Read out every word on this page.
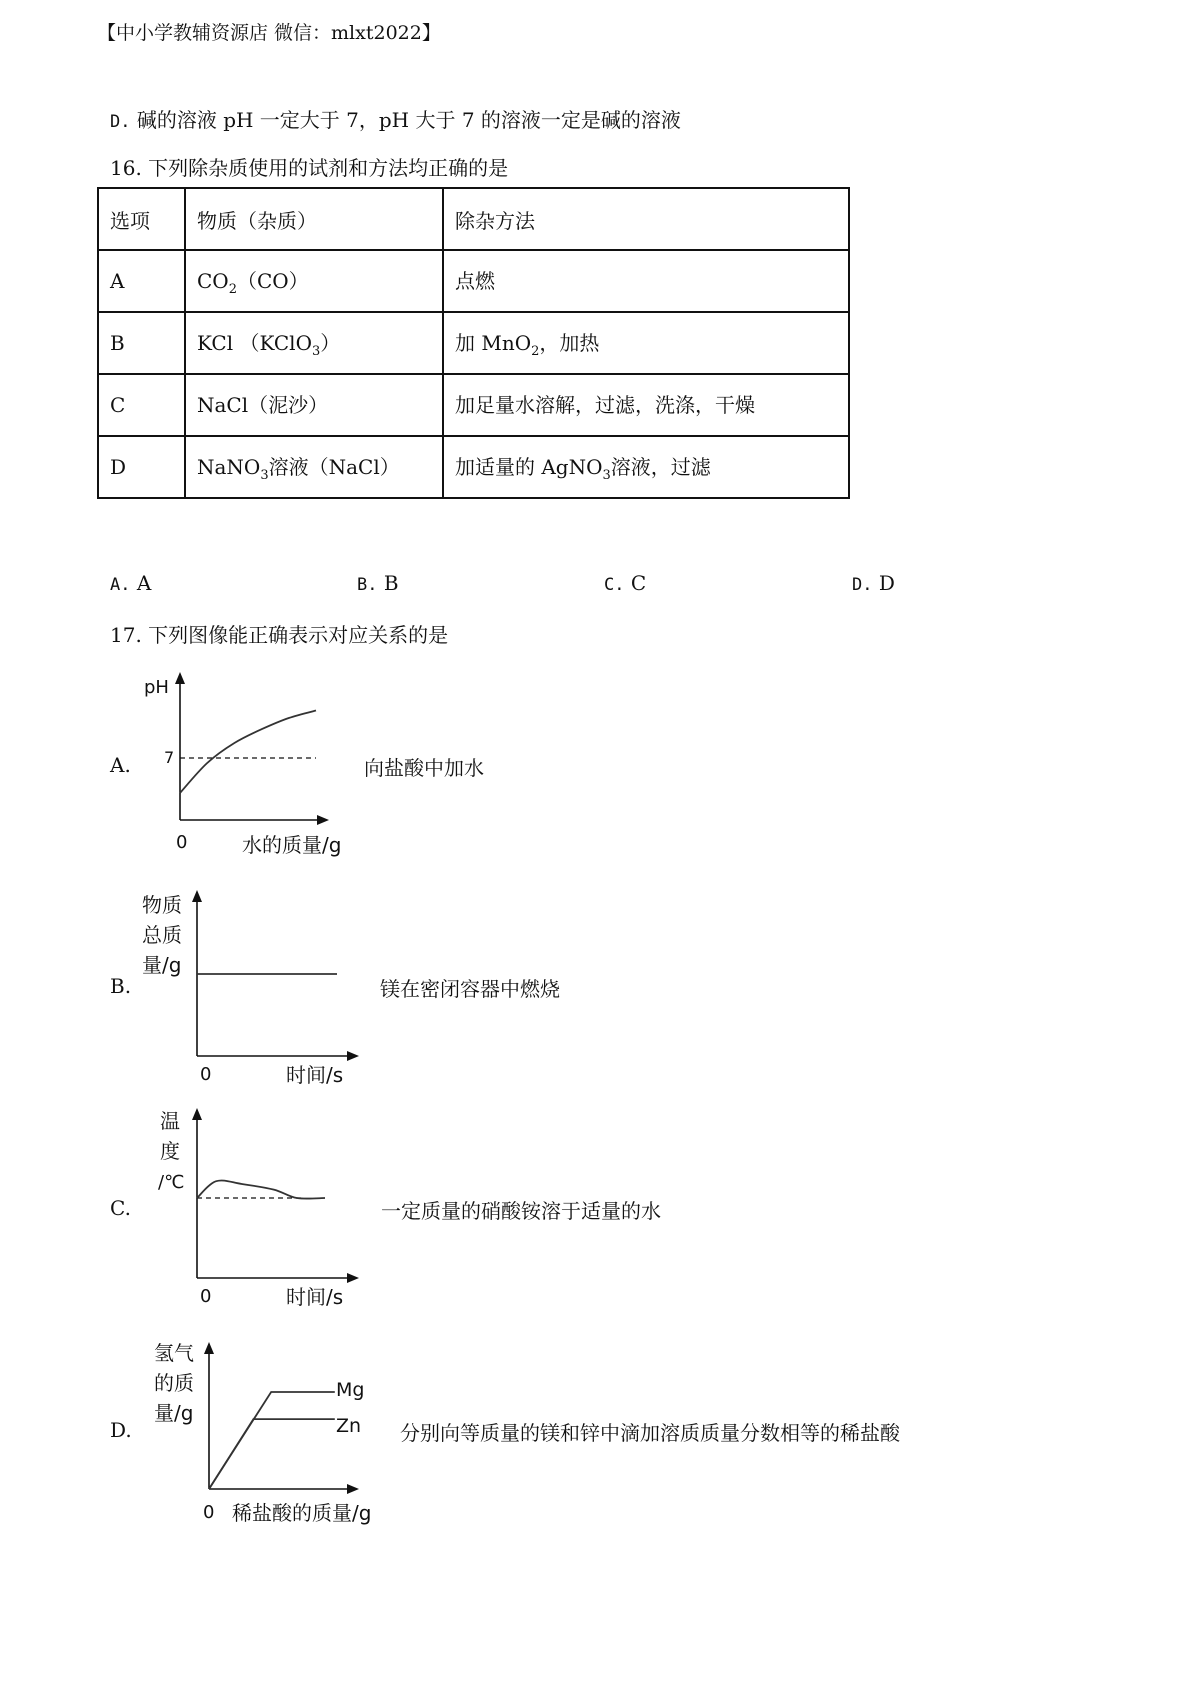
【中小学教辅资源店 微信：mlxt2022】
D. 碱的溶液 pH 一定大于 7，pH 大于 7 的溶液一定是碱的溶液
16. 下列除杂质使用的试剂和方法均正确的是
选项	物质（杂质）	除杂方法
A	$CO_2(CO)$	点燃
B	KCl （KClO$_3$）	加 MnO$_2$，加热
C	NaCl（泥沙）	加足量水溶解，过滤，洗涤，干燥
D	NaNO$_3$溶液（NaCl）	加适量的 AgNO$_3$溶液，过滤
A. A	B. B	C. C	D. D
17. 下列图像能正确表示对应关系的是
A.	向盐酸中加水
pH
7
0	水的质量/g
B.	镁在密闭容器中燃烧
物质
总质
量/g
0	时间/s
C.	一定质量的硝酸铵溶于适量的水
温
度
/℃
0	时间/s
D.	分别向等质量的镁和锌中滴加溶质质量分数相等的稀盐酸
氢气
的质
量/g
Mg
Zn
0 稀盐酸的质量/g
